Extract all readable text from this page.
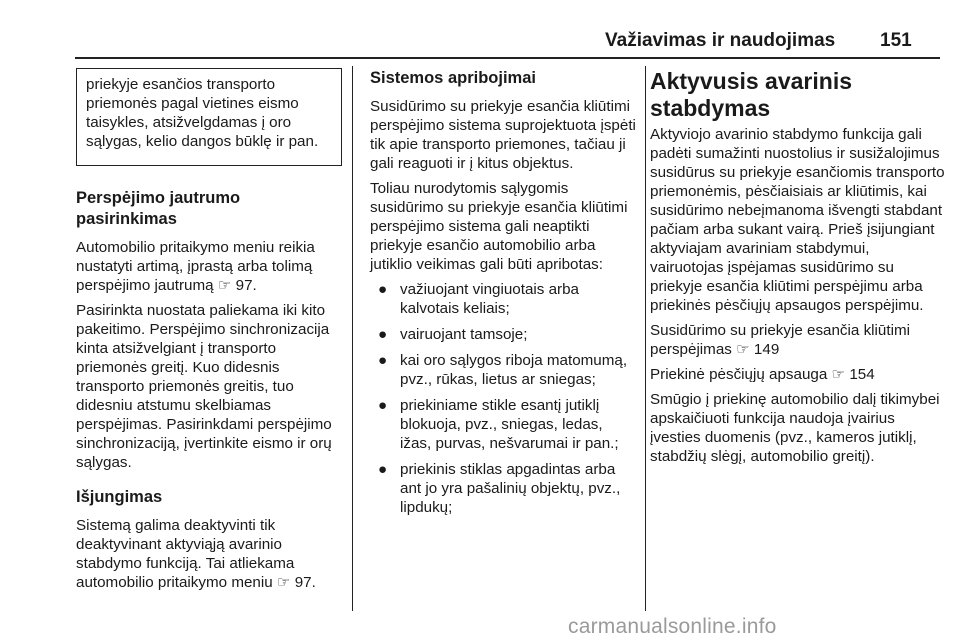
Važiavimas ir naudojimas 151

priekyje esančios transporto priemonės pagal vietines eismo taisykles, atsižvelgdamas į oro sąlygas, kelio dangos būklę ir pan.

Perspėjimo jautrumo pasirinkimas

Automobilio pritaikymo meniu reikia nustatyti artimą, įprastą arba tolimą perspėjimo jautrumą ☞ 97.

Pasirinkta nuostata paliekama iki kito pakeitimo. Perspėjimo sinchronizacija kinta atsižvelgiant į transporto priemonės greitį. Kuo didesnis transporto priemonės greitis, tuo didesniu atstumu skelbiamas perspėjimas. Pasirinkdami perspėjimo sinchronizaciją, įvertinkite eismo ir orų sąlygas.

Išjungimas

Sistemą galima deaktyvinti tik deaktyvinant aktyviąją avarinio stabdymo funkciją. Tai atliekama automobilio pritaikymo meniu ☞ 97.

Sistemos apribojimai

Susidūrimo su priekyje esančia kliūtimi perspėjimo sistema suprojektuota įspėti tik apie transporto priemones, tačiau ji gali reaguoti ir į kitus objektus.

Toliau nurodytomis sąlygomis susidūrimo su priekyje esančia kliūtimi perspėjimo sistema gali neaptikti priekyje esančio automobilio arba jutiklio veikimas gali būti apribotas:

● važiuojant vingiuotais arba kalvotais keliais;
● vairuojant tamsoje;
● kai oro sąlygos riboja matomumą, pvz., rūkas, lietus ar sniegas;
● priekiniame stikle esantį jutiklį blokuoja, pvz., sniegas, ledas, ižas, purvas, nešvarumai ir pan.;
● priekinis stiklas apgadintas arba ant jo yra pašalinių objektų, pvz., lipdukų;
Aktyvusis avarinis stabdymas

Aktyviojo avarinio stabdymo funkcija gali padėti sumažinti nuostolius ir susižalojimus susidūrus su priekyje esančiomis transporto priemonėmis, pėsčiaisiais ar kliūtimis, kai susidūrimo nebeįmanoma išvengti stabdant pačiam arba sukant vairą. Prieš įsijungiant aktyviajam avariniam stabdymui, vairuotojas įspėjamas susidūrimo su priekyje esančia kliūtimi perspėjimu arba priekinės pėsčiųjų apsaugos perspėjimu.

Susidūrimo su priekyje esančia kliūtimi perspėjimas ☞ 149

Priekinė pėsčiųjų apsauga ☞ 154

Smūgio į priekinę automobilio dalį tikimybei apskaičiuoti funkcija naudoja įvairius įvesties duomenis (pvz., kameros jutiklį, stabdžių slėgį, automobilio greitį).

carmanualsonline.info
